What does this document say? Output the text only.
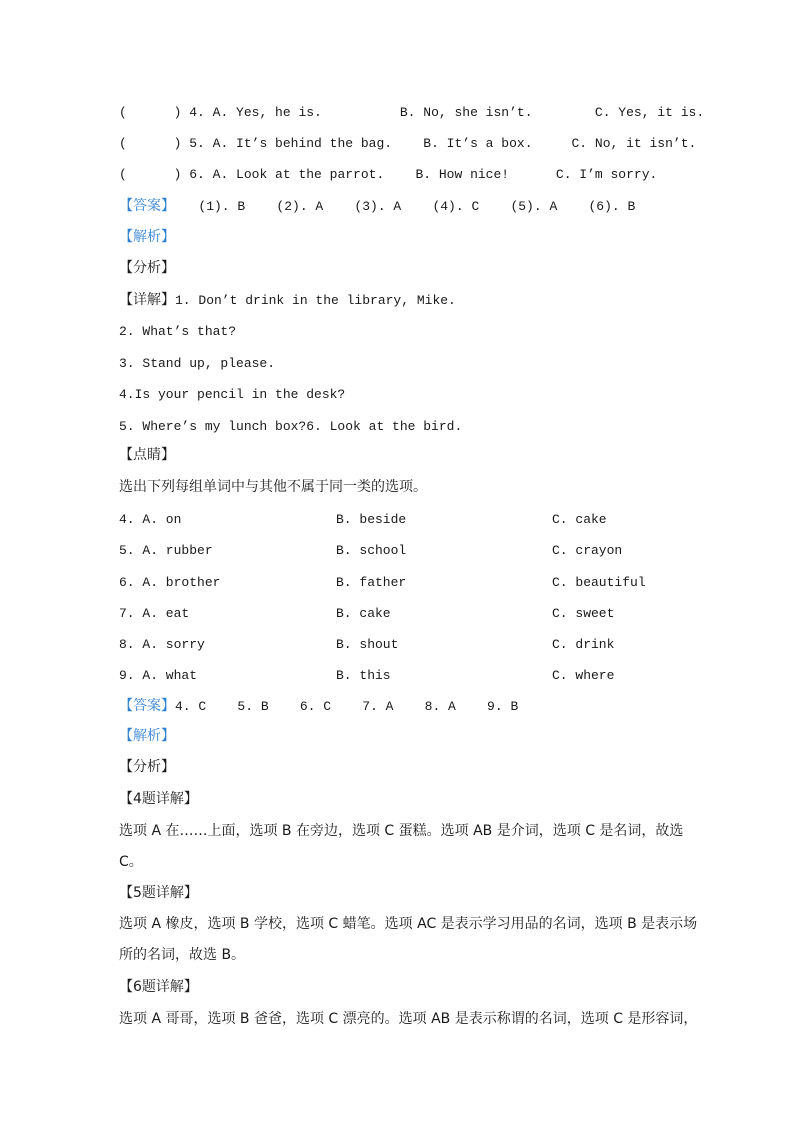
(      ) 4. A. Yes, he is.          B. No, she isn’t.        C. Yes, it is.
(      ) 5. A. It’s behind the bag.    B. It’s a box.     C. No, it isn’t.
(      ) 6. A. Look at the parrot.    B. How nice!      C. I’m sorry.
【答案】   (1). B    (2). A    (3). A    (4). C    (5). A    (6). B
【解析】
【分析】
【详解】1. Don’t drink in the library, Mike.
2. What’s that?
3. Stand up, please.
4.Is your pencil in the desk?
5. Where’s my lunch box?6. Look at the bird.
【点睛】
选出下列每组单词中与其他不属于同一类的选项。
4. A. on	B. beside	C. cake
5. A. rubber	B. school	C. crayon
6. A. brother	B. father	C. beautiful
7. A. eat	B. cake	C. sweet
8. A. sorry	B. shout	C. drink
9. A. what	B. this	C. where
【答案】4. C    5. B    6. C    7. A    8. A    9. B
【解析】
【分析】
【4题详解】
选项 A 在……上面，选项 B 在旁边，选项 C 蛋糕。选项 AB 是介词，选项 C 是名词，故选
C。
【5题详解】
选项 A 橡皮，选项 B 学校，选项 C 蜡笔。选项 AC 是表示学习用品的名词，选项 B 是表示场
所的名词，故选 B。
【6题详解】
选项 A 哥哥，选项 B 爸爸，选项 C 漂亮的。选项 AB 是表示称谓的名词，选项 C 是形容词，
